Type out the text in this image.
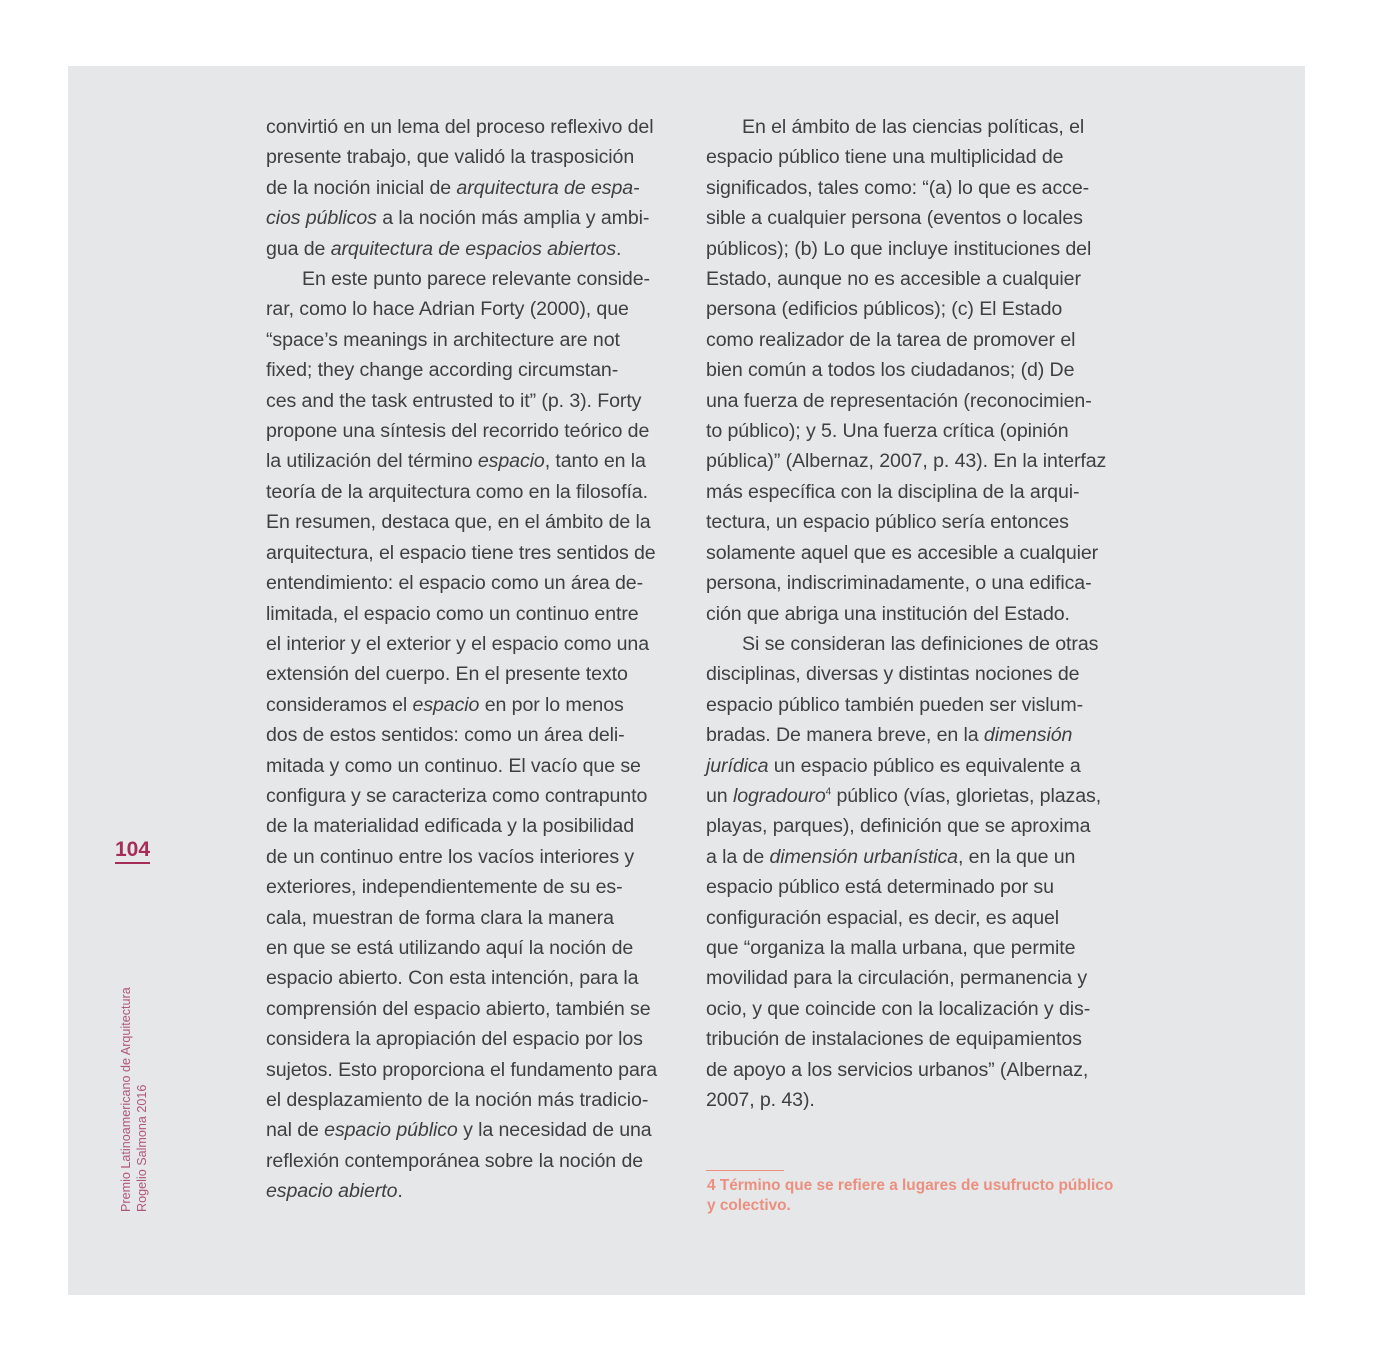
convirtió en un lema del proceso reflexivo del
presente trabajo, que validó la trasposición
de la noción inicial de arquitectura de espa-
cios públicos a la noción más amplia y ambi-
gua de arquitectura de espacios abiertos.
En este punto parece relevante conside-
rar, como lo hace Adrian Forty (2000), que
“space’s meanings in architecture are not
fixed; they change according circumstan-
ces and the task entrusted to it” (p. 3). Forty
propone una síntesis del recorrido teórico de
la utilización del término espacio, tanto en la
teoría de la arquitectura como en la filosofía.
En resumen, destaca que, en el ámbito de la
arquitectura, el espacio tiene tres sentidos de
entendimiento: el espacio como un área de-
limitada, el espacio como un continuo entre
el interior y el exterior y el espacio como una
extensión del cuerpo. En el presente texto
consideramos el espacio en por lo menos
dos de estos sentidos: como un área deli-
mitada y como un continuo. El vacío que se
configura y se caracteriza como contrapunto
de la materialidad edificada y la posibilidad
de un continuo entre los vacíos interiores y
exteriores, independientemente de su es-
cala, muestran de forma clara la manera
en que se está utilizando aquí la noción de
espacio abierto. Con esta intención, para la
comprensión del espacio abierto, también se
considera la apropiación del espacio por los
sujetos. Esto proporciona el fundamento para
el desplazamiento de la noción más tradicio-
nal de espacio público y la necesidad de una
reflexión contemporánea sobre la noción de
espacio abierto.
En el ámbito de las ciencias políticas, el
espacio público tiene una multiplicidad de
significados, tales como: “(a) lo que es acce-
sible a cualquier persona (eventos o locales
públicos); (b) Lo que incluye instituciones del
Estado, aunque no es accesible a cualquier
persona (edificios públicos); (c) El Estado
como realizador de la tarea de promover el
bien común a todos los ciudadanos; (d) De
una fuerza de representación (reconocimien-
to público); y 5. Una fuerza crítica (opinión
pública)” (Albernaz, 2007, p. 43). En la interfaz
más específica con la disciplina de la arqui-
tectura, un espacio público sería entonces
solamente aquel que es accesible a cualquier
persona, indiscriminadamente, o una edifica-
ción que abriga una institución del Estado.
Si se consideran las definiciones de otras
disciplinas, diversas y distintas nociones de
espacio público también pueden ser vislum-
bradas. De manera breve, en la dimensión
jurídica un espacio público es equivalente a
un logradouro$^4$ público (vías, glorietas, plazas,
playas, parques), definición que se aproxima
a la de dimensión urbanística, en la que un
espacio público está determinado por su
configuración espacial, es decir, es aquel
que “organiza la malla urbana, que permite
movilidad para la circulación, permanencia y
ocio, y que coincide con la localización y dis-
tribución de instalaciones de equipamientos
de apoyo a los servicios urbanos” (Albernaz,
2007, p. 43).
104
Premio Latinoamericano de Arquitectura Rogelio Salmona 2016	4 Término que se refiere a lugares de usufructo público
y colectivo.
